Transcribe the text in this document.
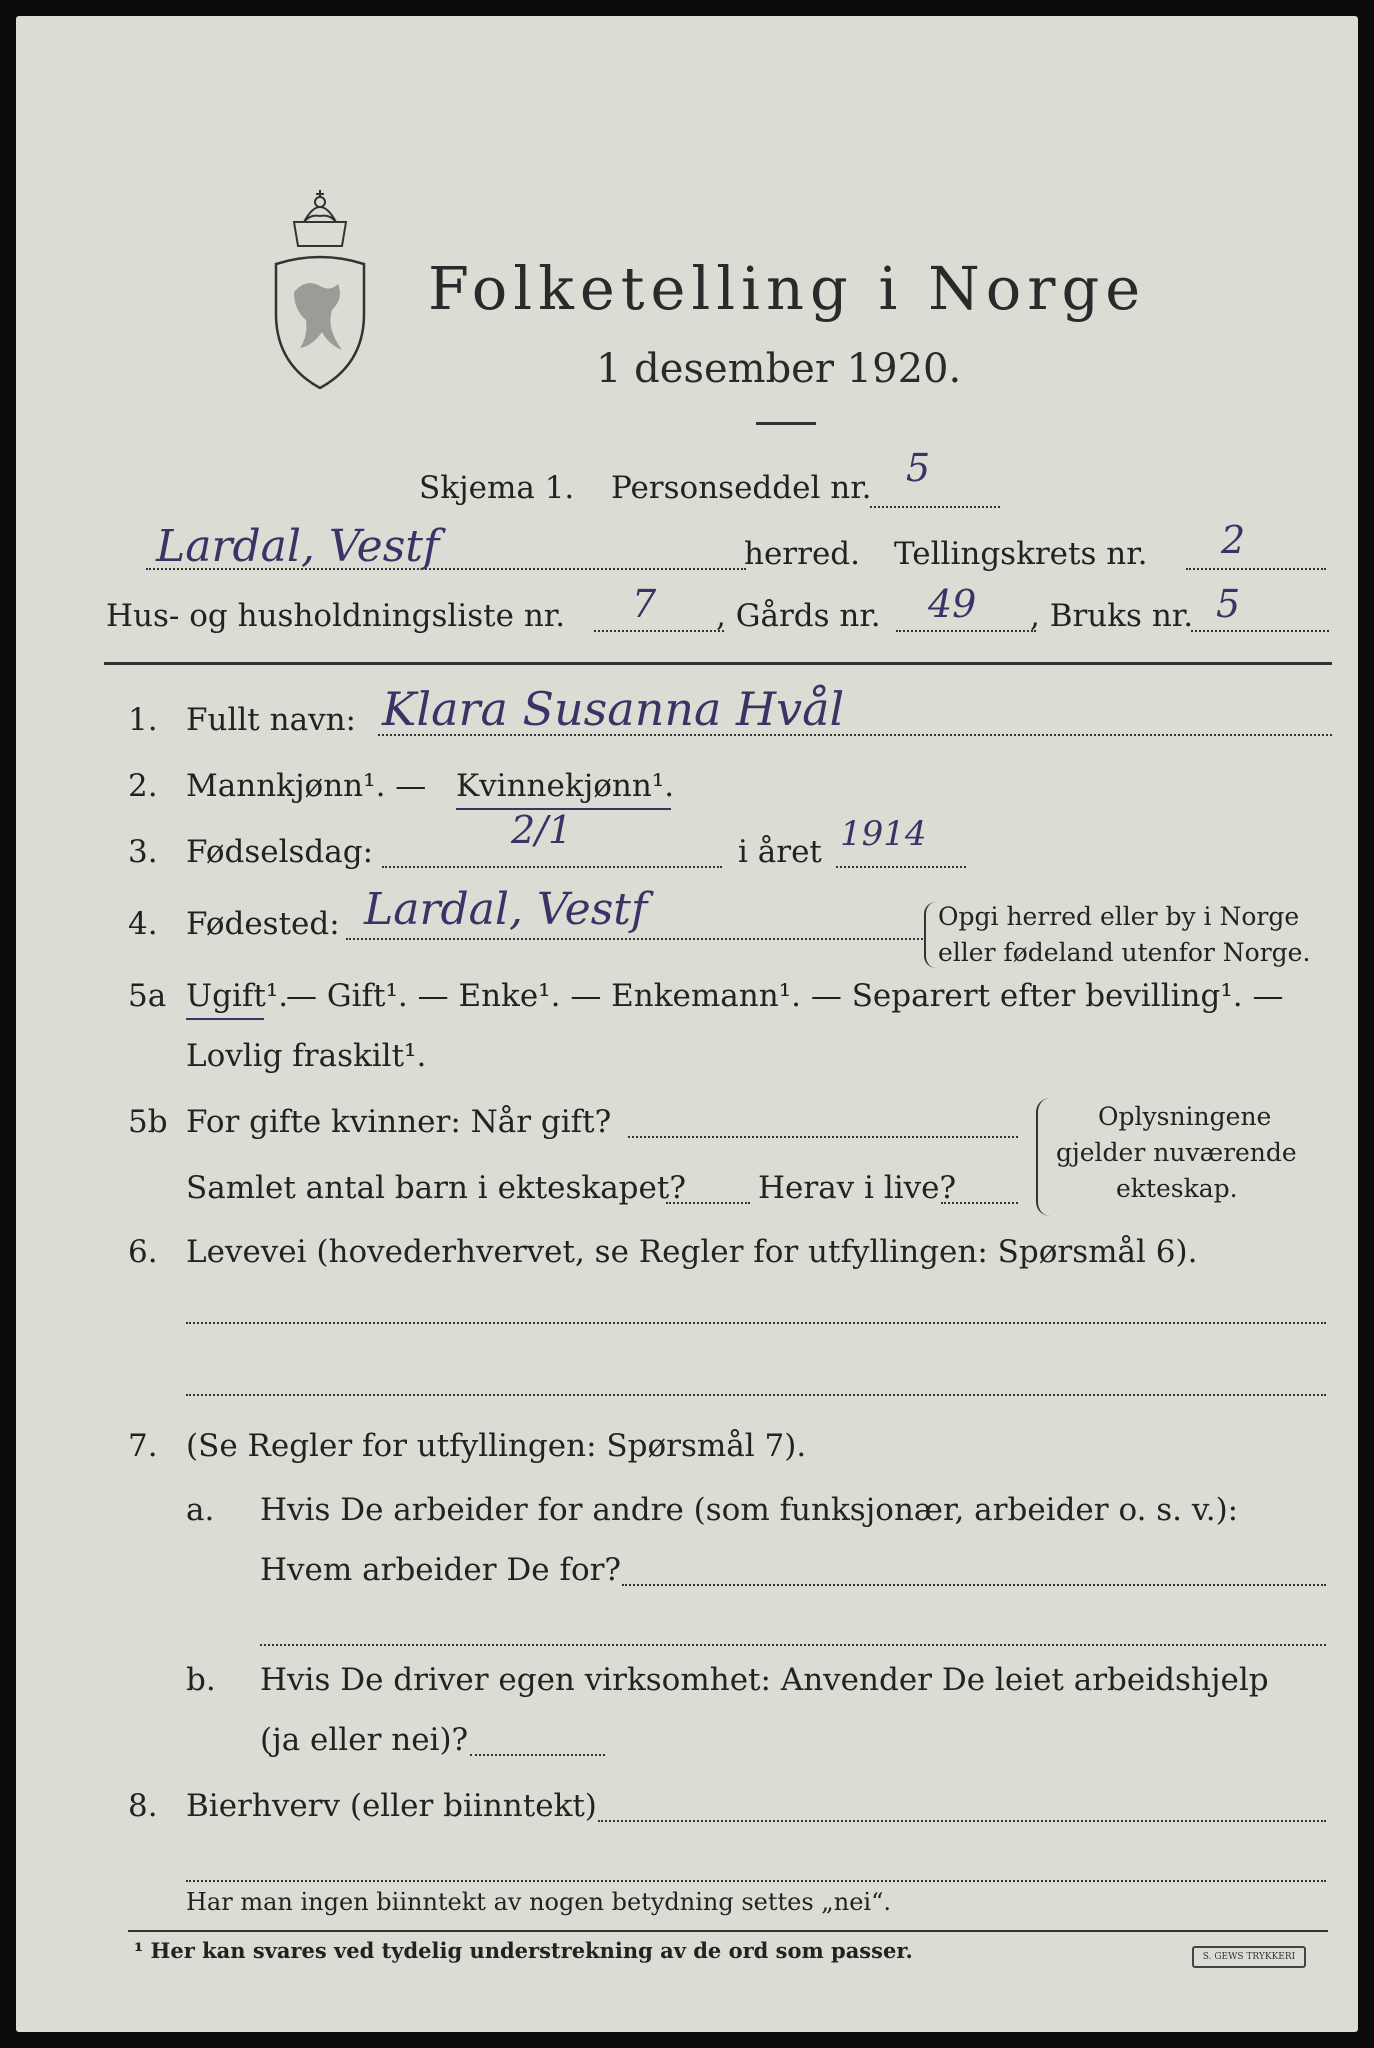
Folketelling i Norge
1 desember 1920.
Skjema 1. Personseddel nr. 5
Lardal, Vestf	herred. Tellingskrets nr. 2
Hus- og husholdningsliste nr. 7 , Gårds nr. 49 , Bruks nr. 5
1. Fullt navn: Klara Susanna Hvål
2. Mannkjønn¹. — Kvinnekjønn¹.
3. Fødselsdag:	2/1	i året 1914
4. Fødested: Lardal, Vestf	Opgi herred eller by i Norge
eller fødeland utenfor Norge.
5a Ugift¹.
— Gift¹. — Enke¹. — Enkemann¹. — Separert efter bevilling¹. —
Lovlig fraskilt¹.
5b For gifte kvinner: Når gift?
Samlet antal barn i ekteskapet? Herav i live?
Oplysningene
gjelder nuværende
ekteskap.
6. Levevei (hovederhvervet, se Regler for utfyllingen: Spørsmål 6).
7. (Se Regler for utfyllingen: Spørsmål 7).
a. Hvis De arbeider for andre (som funksjonær, arbeider o. s. v.):
Hvem arbeider De for?
b. Hvis De driver egen virksomhet: Anvender De leiet arbeidshjelp
(ja eller nei)?
8. Bierhverv (eller biinntekt)
Har man ingen biinntekt av nogen betydning settes „nei“.
¹ Her kan svares ved tydelig understrekning av de ord som passer.	S. GEWS TRYKKERI
